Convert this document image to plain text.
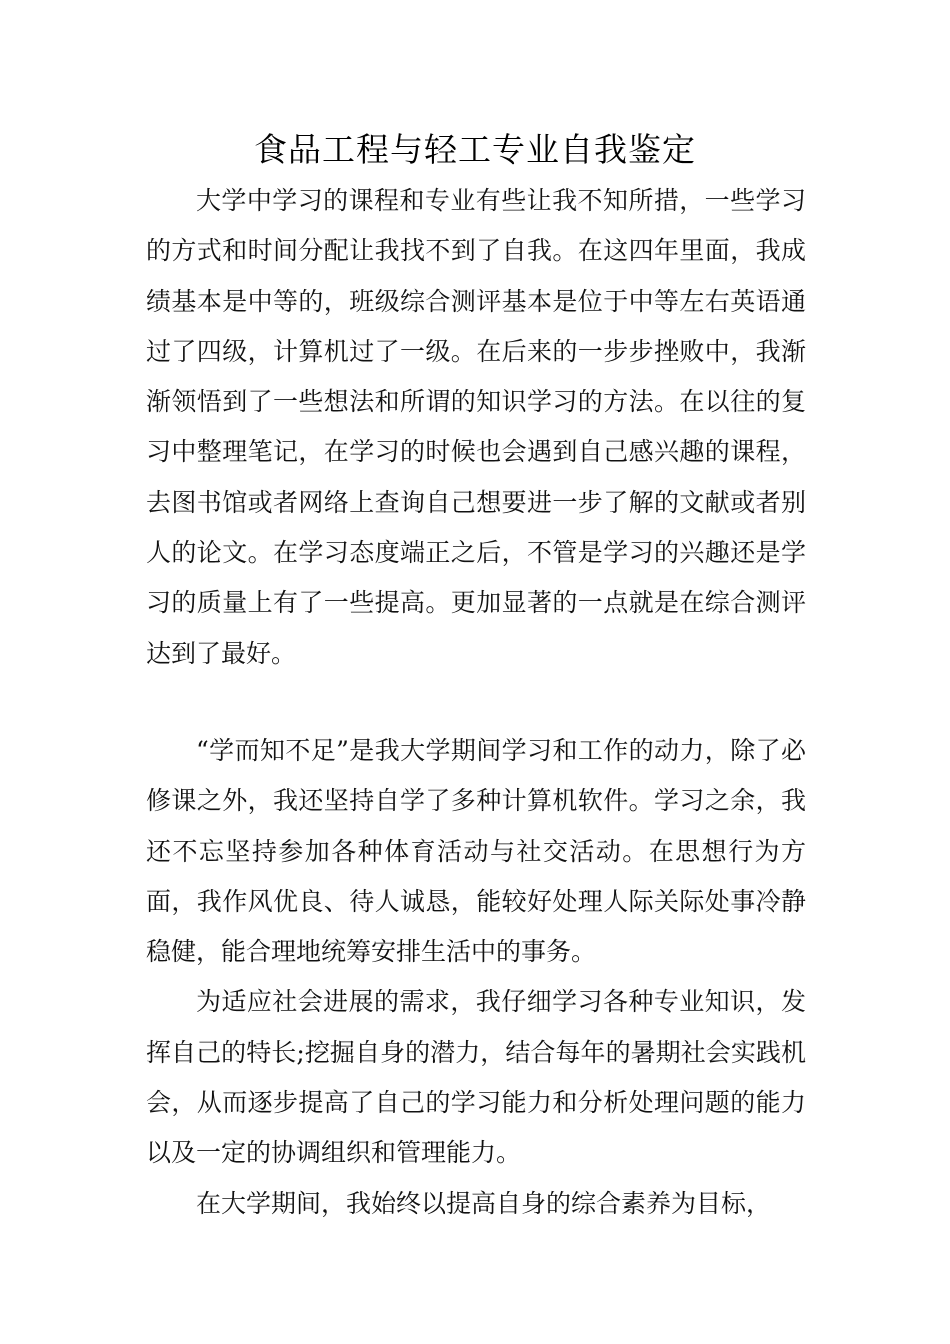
食品工程与轻工专业自我鉴定

大学中学习的课程和专业有些让我不知所措，一些学习的方式和时间分配让我找不到了自我。在这四年里面，我成绩基本是中等的，班级综合测评基本是位于中等左右英语通过了四级，计算机过了一级。在后来的一步步挫败中，我渐渐领悟到了一些想法和所谓的知识学习的方法。在以往的复习中整理笔记，在学习的时候也会遇到自己感兴趣的课程，去图书馆或者网络上查询自己想要进一步了解的文献或者别人的论文。在学习态度端正之后，不管是学习的兴趣还是学习的质量上有了一些提高。更加显著的一点就是在综合测评达到了最好。

“学而知不足”是我大学期间学习和工作的动力，除了必修课之外，我还坚持自学了多种计算机软件。学习之余，我还不忘坚持参加各种体育活动与社交活动。在思想行为方面，我作风优良、待人诚恳，能较好处理人际关际处事冷静稳健，能合理地统筹安排生活中的事务。

为适应社会进展的需求，我仔细学习各种专业知识，发挥自己的特长;挖掘自身的潜力，结合每年的暑期社会实践机会，从而逐步提高了自己的学习能力和分析处理问题的能力以及一定的协调组织和管理能力。

在大学期间，我始终以提高自身的综合素养为目标，
